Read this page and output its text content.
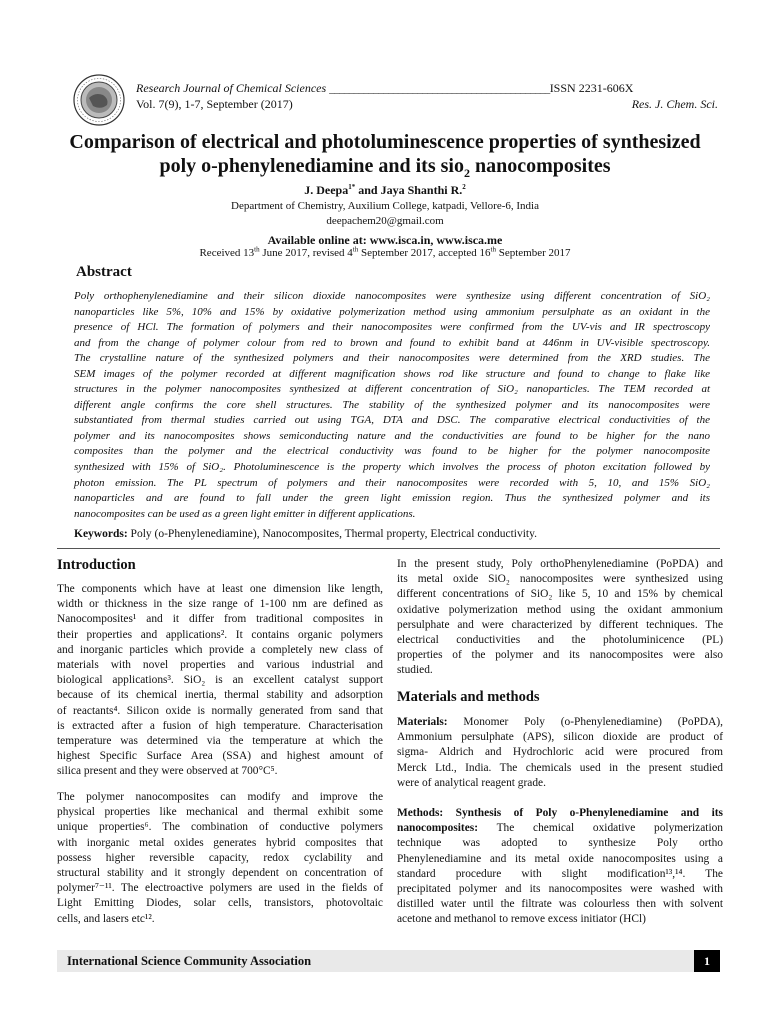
Research Journal of Chemical Sciences _____________________________________________ISSN 2231-606X
Vol. 7(9), 1-7, September (2017)	Res. J. Chem. Sci.
Comparison of electrical and photoluminescence properties of synthesized
poly o-phenylenediamine and its sio$_2$ nanocomposites
J. Deepa$^{1*}$ and Jaya Shanthi R.$^2$
Department of Chemistry, Auxilium College, katpadi, Vellore-6, India
deepachem20@gmail.com
Available online at: www.isca.in, www.isca.me
Received 13th June 2017, revised 4th September 2017, accepted 16th September 2017
Abstract
Poly orthophenylenediamine and their silicon dioxide nanocomposites were synthesize using different concentration of SiO₂
nanoparticles like 5%, 10% and 15% by oxidative polymerization method using ammonium persulphate as an oxidant in the
presence of HCl. The formation of polymers and their nanocomposites were confirmed from the UV-vis and IR spectroscopy
and from the change of polymer colour from red to brown and found to exhibit band at 446nm in UV-visible spectroscopy.
The crystalline nature of the synthesized polymers and their nanocomposites were determined from the XRD studies. The
SEM images of the polymer recorded at different magnification shows rod like structure and found to change to flake like
structures in the polymer nanocomposites synthesized at different concentration of SiO₂ nanoparticles. The TEM recorded at
different angle confirms the core shell structures. The stability of the synthesized polymer and its nanocomposites were
substantiated from thermal studies carried out using TGA, DTA and DSC. The comparative electrical conductivities of the
polymer and its nanocomposites shows semiconducting nature and the conductivities are found to be higher for the nano
composites than the polymer and the electrical conductivity was found to be higher for the polymer nanocomposite
synthesized with 15% of SiO₂. Photoluminescence is the property which involves the process of photon excitation followed by
photon emission. The PL spectrum of polymers and their nanocomposites were recorded with 5, 10, and 15% SiO₂
nanoparticles and are found to fall under the green light emission region. Thus the synthesized polymer and its
nanocomposites can be used as a green light emitter in different applications.
Keywords: Poly (o-Phenylenediamine), Nanocomposites, Thermal property, Electrical conductivity.
Introduction
The components which have at least one dimension like length,
width or thickness in the size range of 1-100 nm are defined as
Nanocomposites¹ and it differ from traditional composites in
their properties and applications². It contains organic polymers
and inorganic particles which provide a completely new class of
materials with novel properties and various industrial and
biological applications³. SiO₂ is an excellent catalyst support
because of its chemical inertia, thermal stability and adsorption
of reactants⁴. Silicon oxide is normally generated from sand that
is extracted after a fusion of high temperature. Characterisation
temperature was determined via the temperature at which the
highest Specific Surface Area (SSA) and highest amount of
silica present and they were observed at 700°C⁵.
The polymer nanocomposites can modify and improve the
physical properties like mechanical and thermal exhibit some
unique properties⁶. The combination of conductive polymers
with inorganic metal oxides generates hybrid composites that
possess higher reversible capacity, redox cyclability and
structural stability and it strongly dependent on concentration of
polymer⁷⁻¹¹. The electroactive polymers are used in the fields of
Light Emitting Diodes, solar cells, transistors, photovoltaic
cells, and lasers etc¹².
In the present study, Poly orthoPhenylenediamine (PoPDA) and
its metal oxide SiO₂ nanocomposites were synthesized using
different concentrations of SiO₂ like 5, 10 and 15% by chemical
oxidative polymerization method using the oxidant ammonium
persulphate and were characterized by different techniques. The
electrical conductivities and the photoluminicence (PL)
properties of the polymer and its nanocomposites were also
studied.
Materials and methods
Materials: Monomer Poly (o-Phenylenediamine) (PoPDA),
Ammonium persulphate (APS), silicon dioxide are product of
sigma- Aldrich and Hydrochloric acid were procured from
Merck Ltd., India. The chemicals used in the present studied
were of analytical reagent grade.
Methods: Synthesis of Poly o-Phenylenediamine and its
nanocomposites: The chemical oxidative polymerization
technique was adopted to synthesize Poly ortho
Phenylenediamine and its metal oxide nanocomposites using a
standard procedure with slight modification¹³,¹⁴. The
precipitated polymer and its nanocomposites were washed with
distilled water until the filtrate was colourless then with solvent
acetone and methanol to remove excess initiator (HCl)
International Science Community Association	1
